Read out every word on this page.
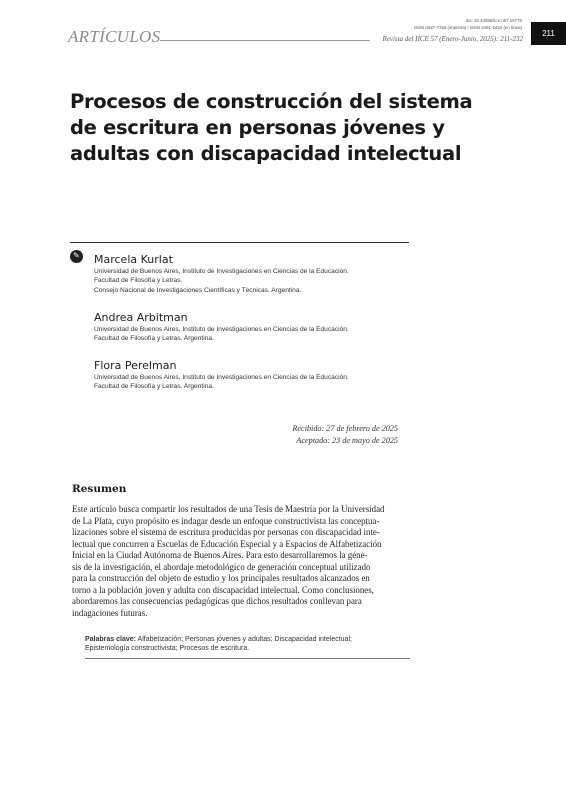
doi: 10.34096/iice.n57.16776
ISSN 0327-7763 (impresa) / ISSN 2451-5434 (en línea)
ARTÍCULOS	Revista del IICE 57 (Enero-Junio, 2025): 211-232
211

Procesos de construcción del sistema

de escritura en personas jóvenes y

adultas con discapacidad intelectual

✎ Marcela Kurlat

Universidad de Buenos Aires, Instituto de Investigaciones en Ciencias de la Educación.

Facultad de Filosofía y Letras.

Consejo Nacional de Investigaciones Científicas y Técnicas. Argentina.

Andrea Arbitman

Universidad de Buenos Aires, Instituto de Investigaciones en Ciencias de la Educación.

Facultad de Filosofía y Letras. Argentina.

Flora Perelman

Universidad de Buenos Aires, Instituto de Investigaciones en Ciencias de la Educación.

Facultad de Filosofía y Letras. Argentina.

Recibido: 27 de febrero de 2025
Aceptado: 23 de mayo de 2025
Resumen

Este artículo busca compartir los resultados de una Tesis de Maestría por la Universidad
de La Plata, cuyo propósito es indagar desde un enfoque constructivista las conceptua-
lizaciones sobre el sistema de escritura producidas por personas con discapacidad inte-
lectual que concurren a Escuelas de Educación Especial y a Espacios de Alfabetización
Inicial en la Ciudad Autónoma de Buenos Aires. Para esto desarrollaremos la géne-
sis de la investigación, el abordaje metodológico de generación conceptual utilizado
para la construcción del objeto de estudio y los principales resultados alcanzados en
torno a la población joven y adulta con discapacidad intelectual. Como conclusiones,
abordaremos las consecuencias pedagógicas que dichos resultados conllevan para
indagaciones futuras.

Palabras clave: Alfabetización; Personas jóvenes y adultas; Discapacidad intelectual;
Epistemología constructivista; Procesos de escritura.
